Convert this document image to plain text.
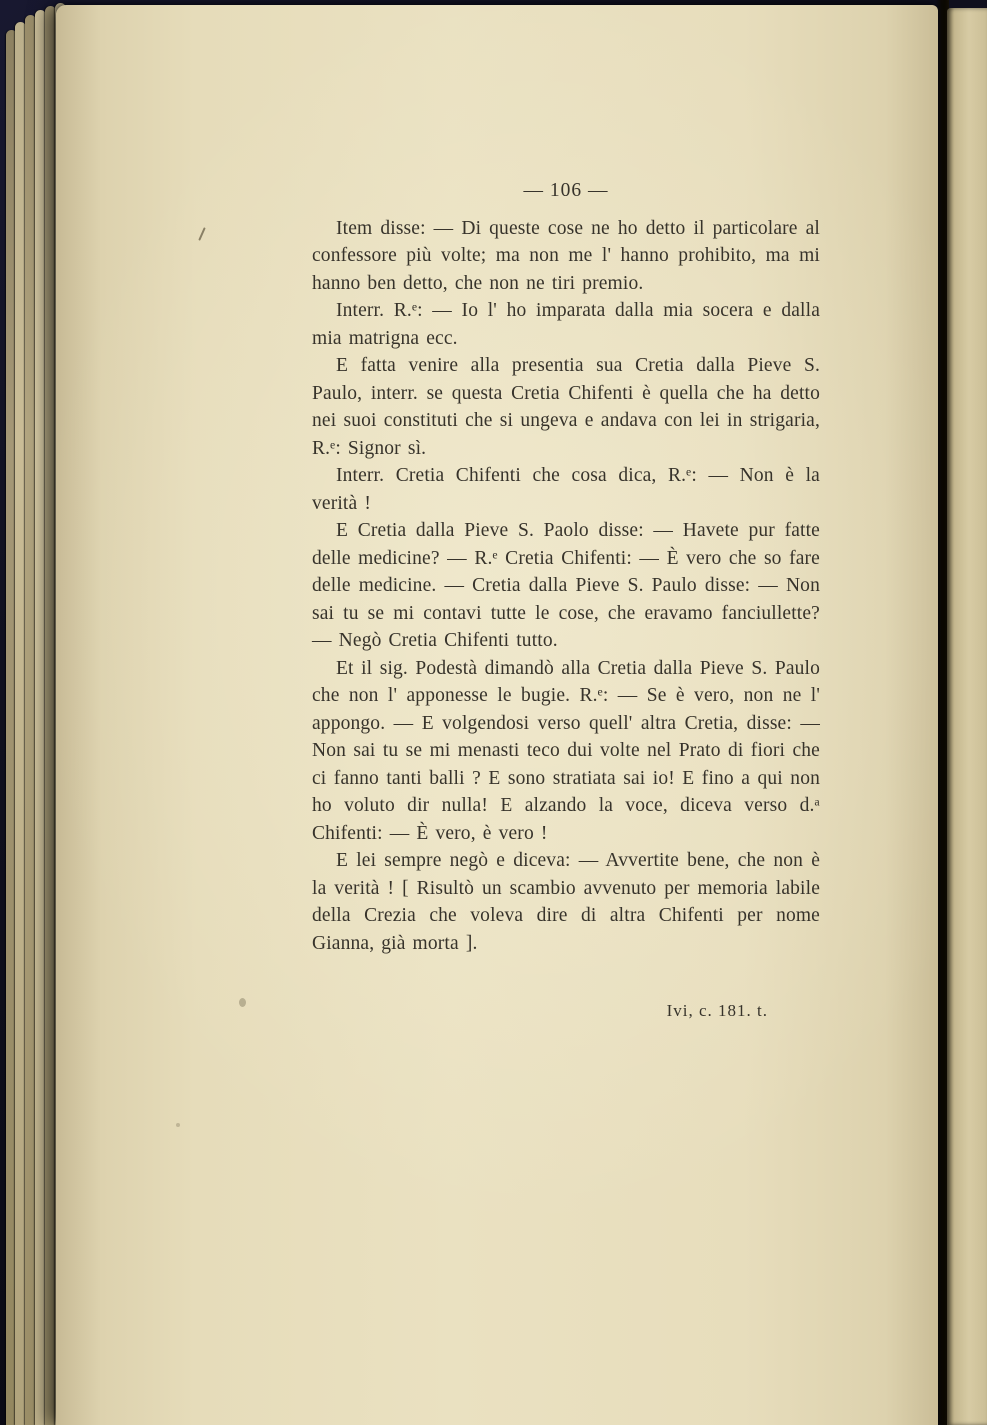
— 106 —

Item disse: — Di queste cose ne ho detto il particolare al confessore più volte; ma non me l' hanno prohibito, ma mi hanno ben detto, che non ne tiri premio.

Interr. R.ᵉ: — Io l' ho imparata dalla mia socera e dalla mia matrigna ecc.

E fatta venire alla presentia sua Cretia dalla Pieve S. Paulo, interr. se questa Cretia Chifenti è quella che ha detto nei suoi constituti che si ungeva e andava con lei in strigaria, R.ᵉ: Signor sì.

Interr. Cretia Chifenti che cosa dica, R.ᵉ: — Non è la verità !

E Cretia dalla Pieve S. Paolo disse: — Havete pur fatte delle medicine? — R.ᵉ Cretia Chifenti: — È vero che so fare delle medicine. — Cretia dalla Pieve S. Paulo disse: — Non sai tu se mi contavi tutte le cose, che eravamo fanciullette? — Negò Cretia Chifenti tutto.

Et il sig. Podestà dimandò alla Cretia dalla Pieve S. Paulo che non l' apponesse le bugie. R.ᵉ: — Se è vero, non ne l' appongo. — E volgendosi verso quell' altra Cretia, disse: — Non sai tu se mi menasti teco dui volte nel Prato di fiori che ci fanno tanti balli ? E sono stratiata sai io! E fino a qui non ho voluto dir nulla! E alzando la voce, diceva verso d.ᵃ Chifenti: — È vero, è vero !

E lei sempre negò e diceva: — Avvertite bene, che non è la verità ! [ Risultò un scambio avvenuto per memoria labile della Crezia che voleva dire di altra Chifenti per nome Gianna, già morta ].

Ivi, c. 181. t.
